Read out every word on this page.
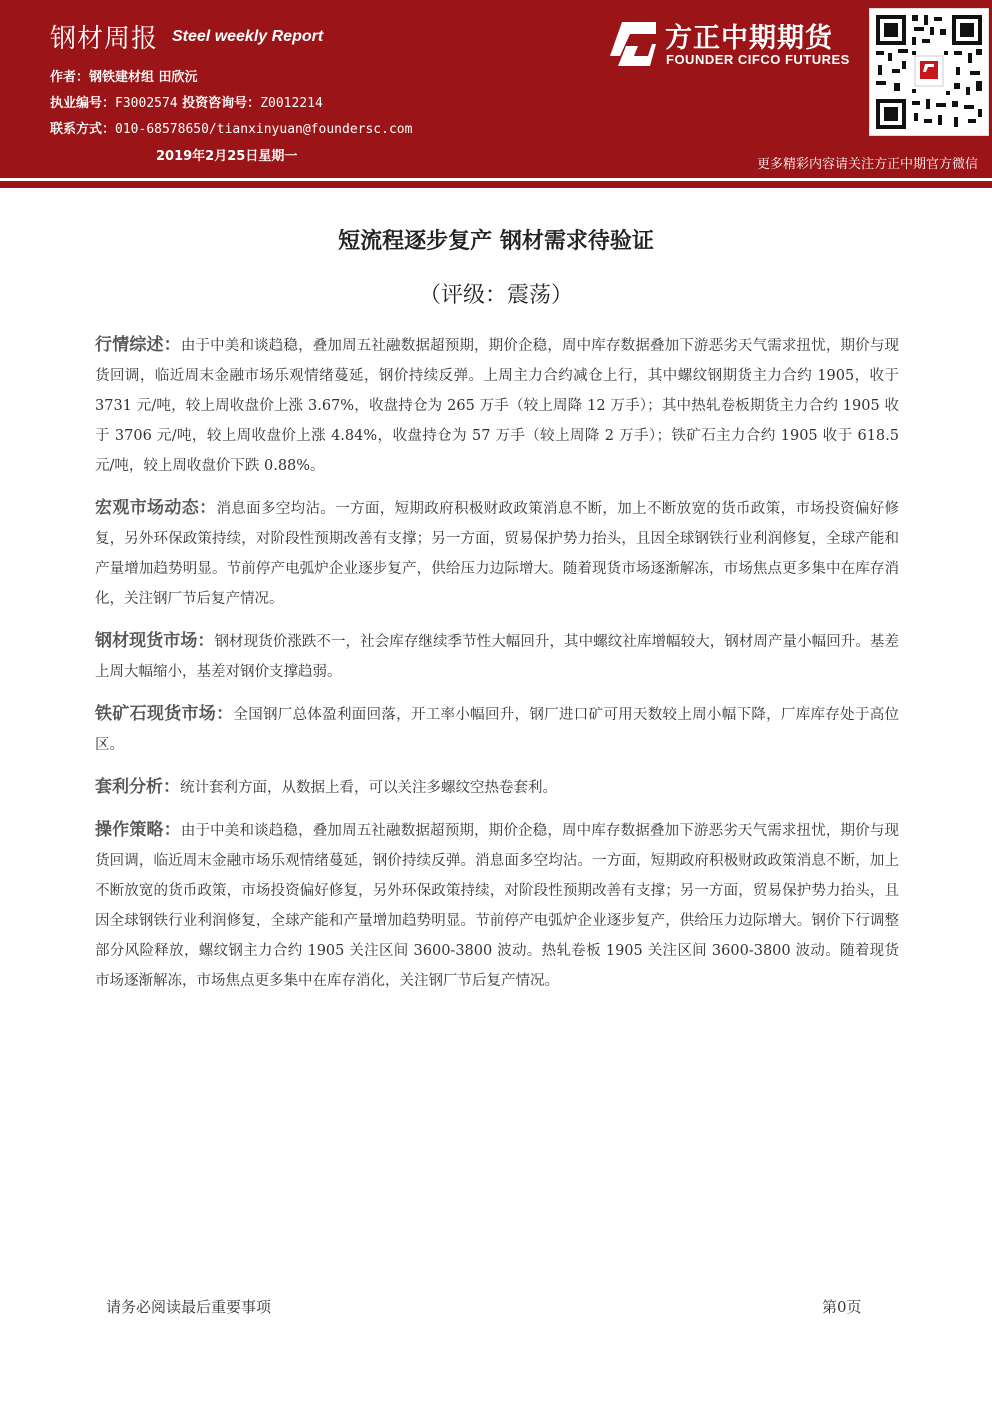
钢材周报 Steel weekly Report
作者：钢铁建材组 田欣沅
执业编号：F3002574 投资咨询号：Z0012214
联系方式：010-68578650/tianxinyuan@foundersc.com
2019年2月25日星期一
方正中期期货
FOUNDER CIFCO FUTURES
更多精彩内容请关注方正中期官方微信
短流程逐步复产 钢材需求待验证
（评级：震荡）

行情综述：由于中美和谈趋稳，叠加周五社融数据超预期，期价企稳，周中库存数据叠加下游恶劣天气需求扭忧，期价与现货回调，临近周末金融市场乐观情绪蔓延，钢价持续反弹。上周主力合约减仓上行，其中螺纹钢期货主力合约 1905，收于 3731 元/吨，较上周收盘价上涨 3.67%，收盘持仓为 265 万手（较上周降 12 万手）；其中热轧卷板期货主力合约 1905 收于 3706 元/吨，较上周收盘价上涨 4.84%，收盘持仓为 57 万手（较上周降 2 万手）；铁矿石主力合约 1905 收于 618.5 元/吨，较上周收盘价下跌 0.88%。

宏观市场动态：消息面多空均沾。一方面，短期政府积极财政政策消息不断，加上不断放宽的货币政策，市场投资偏好修复，另外环保政策持续，对阶段性预期改善有支撑；另一方面，贸易保护势力抬头，且因全球钢铁行业利润修复，全球产能和产量增加趋势明显。节前停产电弧炉企业逐步复产，供给压力边际增大。随着现货市场逐渐解冻，市场焦点更多集中在库存消化，关注钢厂节后复产情况。

钢材现货市场：钢材现货价涨跌不一，社会库存继续季节性大幅回升，其中螺纹社库增幅较大，钢材周产量小幅回升。基差上周大幅缩小，基差对钢价支撑趋弱。

铁矿石现货市场：全国钢厂总体盈利面回落，开工率小幅回升，钢厂进口矿可用天数较上周小幅下降，厂库库存处于高位区。

套利分析：统计套利方面，从数据上看，可以关注多螺纹空热卷套利。

操作策略：由于中美和谈趋稳，叠加周五社融数据超预期，期价企稳，周中库存数据叠加下游恶劣天气需求扭忧，期价与现货回调，临近周末金融市场乐观情绪蔓延，钢价持续反弹。消息面多空均沾。一方面，短期政府积极财政政策消息不断，加上不断放宽的货币政策，市场投资偏好修复，另外环保政策持续，对阶段性预期改善有支撑；另一方面，贸易保护势力抬头，且因全球钢铁行业利润修复，全球产能和产量增加趋势明显。节前停产电弧炉企业逐步复产，供给压力边际增大。钢价下行调整部分风险释放，螺纹钢主力合约 1905 关注区间 3600-3800 波动。热轧卷板 1905 关注区间 3600-3800 波动。随着现货市场逐渐解冻，市场焦点更多集中在库存消化，关注钢厂节后复产情况。

请务必阅读最后重要事项	第0页
